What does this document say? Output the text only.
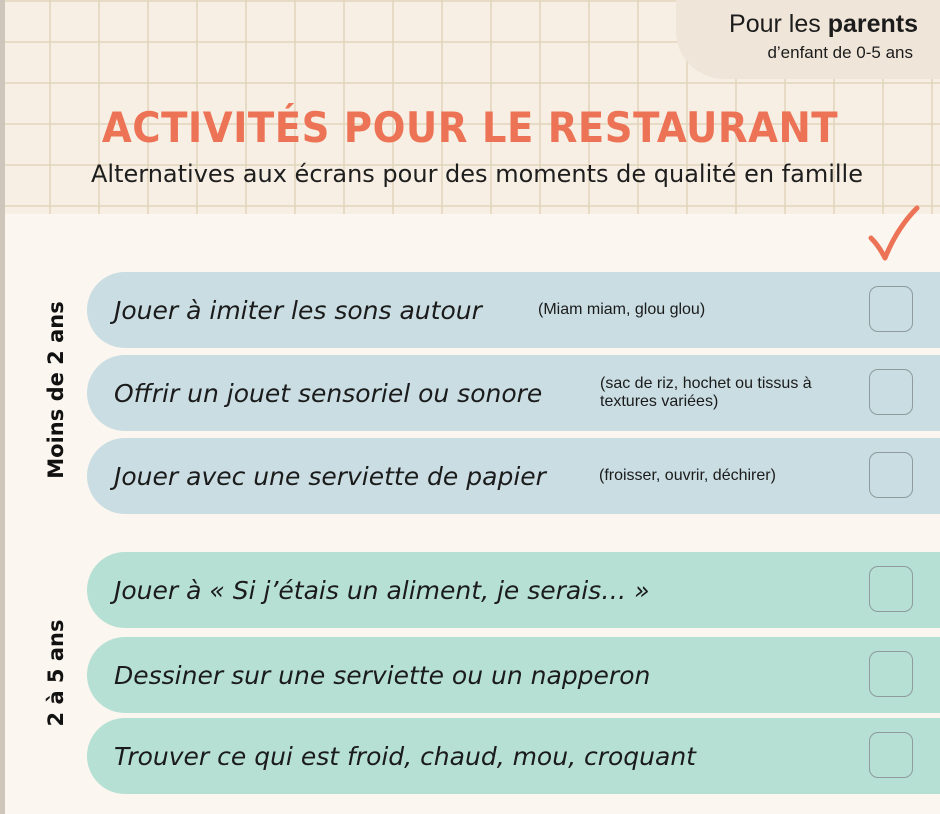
Pour les parents
d’enfant de 0-5 ans
ACTIVITÉS POUR LE RESTAURANT
Alternatives aux écrans pour des moments de qualité en famille
Moins de 2 ans Jouer à imiter les sons autour	(Miam miam, glou glou)
Offrir un jouet sensoriel ou sonore	(sac de riz, hochet ou tissus à textures variées)
Jouer avec une serviette de papier	(froisser, ouvrir, déchirer)
2 à 5 ans
Jouer à « Si j’étais un aliment, je serais… »
Dessiner sur une serviette ou un napperon
Trouver ce qui est froid, chaud, mou, croquant
